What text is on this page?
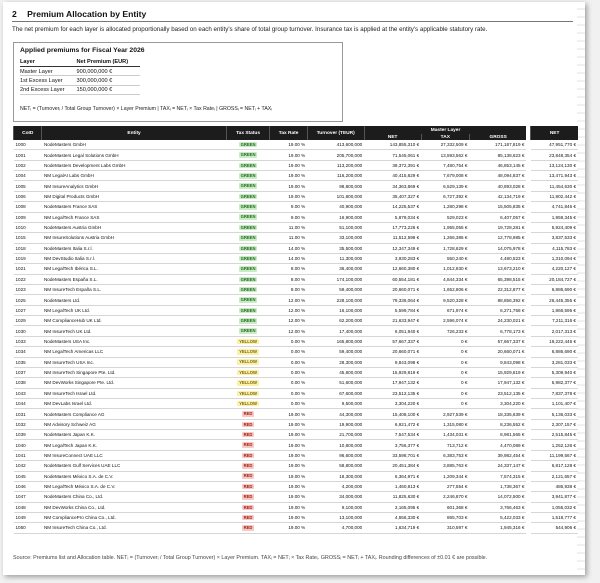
2 Premium Allocation by Entity
The net premium for each layer is allocated proportionally based on each entity's share of total group turnover. Insurance tax is applied at the entity's applicable statutory rate.
Applied premiums for Fiscal Year 2026
Layer	Net Premium (EUR)
Master Layer	900,000,000 €
1st Excess Layer	300,000,000 €
2nd Excess Layer	150,000,000 €
NETᵢ = (Turnoverᵢ / Total Group Turnover) × Layer Premium | TAXᵢ = NETᵢ × Tax Rateᵢ | GROSSᵢ = NETᵢ + TAXᵢ
CoID	Entity	Tax Status	Tax Rate	Turnover (TEUR)	Master Layer				NET
					NET	TAX	GROSS		
1000	NodeMasters GmbH	GREEN	19.00 %	413,600,000	143,855,310 €	27,332,509 €	171,187,819 €		47,951,770 €
1001	NodeMasters Legal Solutions GmbH	GREEN	19.00 %	205,700,000	71,545,061 €	13,593,562 €	85,138,623 €		23,848,354 €
1002	NodeMasters Development Labs GmbH	GREEN	19.00 %	113,200,000	39,372,391 €	7,480,754 €	46,853,145 €		13,124,130 €
1004	NM LegalAI Labs GmbH	GREEN	19.00 %	116,200,000	40,415,829 €	7,679,008 €	48,094,837 €		13,471,943 €
1005	NM InsureAnalytics GmbH	GREEN	19.00 %	98,800,000	34,363,869 €	6,529,139 €	40,893,028 €		11,454,630 €
1006	NM Digital Products GmbH	GREEN	19.00 %	101,800,000	35,407,327 €	6,727,392 €	42,134,719 €		11,802,442 €
1008	NodeMasters France SAS	GREEN	9.00 %	40,900,000	14,225,537 €	1,280,298 €	15,505,835 €		4,741,846 €
1009	NM LegalTech France SAS	GREEN	9.00 %	16,900,000	5,878,034 €	529,023 €	6,407,057 €		1,959,345 €
1010	NodeMasters Austria GmbH	GREEN	11.00 %	51,100,000	17,773,226 €	1,955,055 €	19,728,281 €		5,924,409 €
1015	NM InsureSolutions Austria GmbH	GREEN	11.00 %	33,100,000	11,512,598 €	1,266,386 €	12,778,985 €		3,837,533 €
1018	NodeMasters Italia S.r.l.	GREEN	14.00 %	35,500,000	12,347,349 €	1,728,629 €	14,075,978 €		4,115,783 €
1019	NM DevStudio Italia S.r.l.	GREEN	14.00 %	11,300,000	3,930,283 €	550,240 €	4,480,523 €		1,310,094 €
1021	NM LegalTech Ibérica S.L.	GREEN	8.00 %	36,400,000	12,660,380 €	1,012,830 €	13,673,210 €		4,220,127 €
1022	NodeMasters España S.L.	GREEN	8.00 %	174,100,000	60,554,181 €	4,844,334 €	65,398,515 €		20,184,727 €
1023	NM InsureTech España S.L.	GREEN	8.00 %	59,400,000	20,660,071 €	1,652,806 €	22,312,877 €		6,886,690 €
1025	NodeMasters Ltd.	GREEN	12.00 %	228,100,000	79,336,064 €	9,520,328 €	88,856,392 €		26,445,355 €
1027	NM LegalTech UK Ltd.	GREEN	12.00 %	16,100,000	5,599,784 €	671,974 €	6,271,758 €		1,866,595 €
1029	NM ComplianceHub UK Ltd.	GREEN	12.00 %	62,200,000	21,633,947 €	2,596,074 €	24,230,021 €		7,211,316 €
1030	NM InsureTech UK Ltd.	GREEN	12.00 %	17,400,000	6,051,940 €	726,233 €	6,778,173 €		2,017,313 €
1033	NodeMasters USA Inc.	YELLOW	0.00 %	165,800,000	57,667,337 €	0 €	57,667,337 €		19,222,446 €
1034	NM LegalTech Americas LLC	YELLOW	0.00 %	59,400,000	20,660,071 €	0 €	20,660,071 €		6,886,690 €
1035	NM InsureTech USA Inc.	YELLOW	0.00 %	28,300,000	9,843,098 €	0 €	9,843,098 €		3,281,033 €
1037	NM InsureTech Singapore Pte. Ltd.	YELLOW	0.00 %	45,800,000	15,929,819 €	0 €	15,929,819 €		5,309,940 €
1038	NM DevWorks Singapore Pte. Ltd.	YELLOW	0.00 %	51,600,000	17,947,132 €	0 €	17,947,132 €		5,982,377 €
1043	NM InsureTech Israel Ltd.	YELLOW	0.00 %	67,600,000	23,512,135 €	0 €	23,512,135 €		7,837,378 €
1044	NM DevLabs Israel Ltd.	YELLOW	0.00 %	9,500,000	3,304,220 €	0 €	3,304,220 €		1,101,407 €
1031	NodeMasters Compliance AG	RED	19.00 %	44,300,000	15,408,100 €	2,927,539 €	18,335,639 €		5,136,033 €
1032	NM Advisory Schweiz AG	RED	19.00 %	19,900,000	6,921,472 €	1,315,080 €	8,236,552 €		2,307,157 €
1039	NodeMasters Japan K.K.	RED	19.00 %	21,700,000	7,547,534 €	1,434,031 €	8,981,565 €		2,515,845 €
1040	NM LegalTech Japan K.K.	RED	19.00 %	10,800,000	3,756,377 €	713,712 €	4,470,089 €		1,252,126 €
1041	NM InsureConnect UAE LLC	RED	19.00 %	96,600,000	33,598,701 €	6,383,753 €	39,982,454 €		11,199,567 €
1042	NodeMasters Gulf Services UAE LLC	RED	19.00 %	58,800,000	20,451,384 €	3,885,763 €	24,337,147 €		6,817,128 €
1045	NodeMasters México S.A. de C.V.	RED	19.00 %	18,300,000	6,364,971 €	1,209,344 €	7,574,315 €		2,121,657 €
1046	NM LegalTech México S.A. de C.V.	RED	19.00 %	4,200,000	1,460,813 €	277,554 €	1,738,367 €		486,938 €
1047	NodeMasters China Co., Ltd.	RED	19.00 %	34,000,000	11,825,630 €	2,246,870 €	14,072,500 €		3,941,877 €
1048	NM DevWorks China Co., Ltd.	RED	19.00 %	9,100,000	3,165,095 €	601,368 €	3,766,463 €		1,055,032 €
1049	NM CompliancePro China Co., Ltd.	RED	19.00 %	13,100,000	4,556,330 €	865,703 €	5,422,033 €		1,518,777 €
1050	NM InsureTech China Co., Ltd.	RED	19.00 %	4,700,000	1,634,719 €	310,597 €	1,945,316 €		544,906 €
Source: Premiums list and Allocation table. NETᵢ = (Turnoverᵢ / Total Group Turnover) × Layer Premium. TAXᵢ = NETᵢ × Tax Rateᵢ. GROSSᵢ = NETᵢ + TAXᵢ. Rounding differences of ±0.01 € are possible.
